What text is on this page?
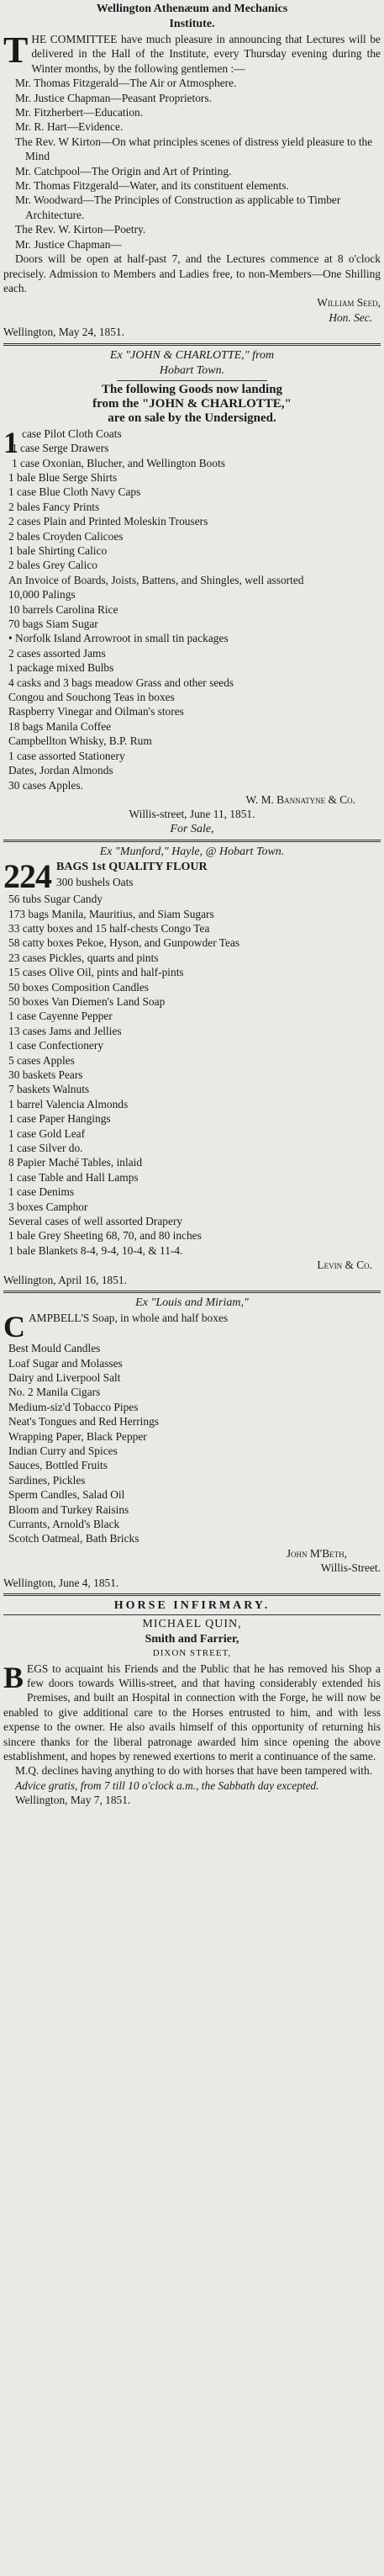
Wellington Athenæum and Mechanics
Institute.

THE COMMITTEE have much pleasure in announcing that Lectures will be delivered in the Hall of the Institute, every Thursday evening during the Winter months, by the following gentlemen :—

Mr. Thomas Fitzgerald—The Air or Atmosphere.

Mr. Justice Chapman—Peasant Proprietors.

Mr. Fitzherbert—Education.

Mr. R. Hart—Evidence.

The Rev. W Kirton—On what principles scenes of distress yield pleasure to the Mind

Mr. Catchpool—The Origin and Art of Printing.

Mr. Thomas Fitzgerald—Water, and its constituent elements.

Mr. Woodward—The Principles of Construction as applicable to Timber Architecture.

The Rev. W. Kirton—Poetry.

Mr. Justice Chapman—

Doors will be open at half-past 7, and the Lectures commence at 8 o'clock precisely. Admission to Members and Ladies free, to non-Members—One Shilling each.

William Seed,
Hon. Sec.
Wellington, May 24, 1851.
Ex "JOHN & CHARLOTTE," from
Hobart Town.
The following Goods now landing
from the "JOHN & CHARLOTTE,"
are on sale by the Undersigned.

1 case Pilot Cloth Coats

1 case Serge Drawers

1 case Oxonian, Blucher, and Wellington Boots

1 bale Blue Serge Shirts

1 case Blue Cloth Navy Caps

2 bales Fancy Prints

2 cases Plain and Printed Moleskin Trousers

2 bales Croyden Calicoes

1 bale Shirting Calico

2 bales Grey Calico

An Invoice of Boards, Joists, Battens, and Shingles, well assorted

10,000 Palings

10 barrels Carolina Rice

70 bags Siam Sugar

• Norfolk Island Arrowroot in small tin packages

2 cases assorted Jams

1 package mixed Bulbs

4 casks and 3 bags meadow Grass and other seeds

Congou and Souchong Teas in boxes

Raspberry Vinegar and Oilman's stores

18 bags Manila Coffee

Campbellton Whisky, B.P. Rum

1 case assorted Stationery

Dates, Jordan Almonds

30 cases Apples.

W. M. Bannatyne & Co.
Willis-street, June 11, 1851.
For Sale,
Ex "Munford," Hayle, @ Hobart Town.
224 BAGS 1st QUALITY FLOUR
300 bushels Oats

56 tubs Sugar Candy

173 bags Manila, Mauritius, and Siam Sugars

33 catty boxes and 15 half-chests Congo Tea

58 catty boxes Pekoe, Hyson, and Gunpowder Teas

23 cases Pickles, quarts and pints

15 cases Olive Oil, pints and half-pints

50 boxes Composition Candles

50 boxes Van Diemen's Land Soap

1 case Cayenne Pepper

13 cases Jams and Jellies

1 case Confectionery

5 cases Apples

30 baskets Pears

7 baskets Walnuts

1 barrel Valencia Almonds

1 case Paper Hangings

1 case Gold Leaf

1 case Silver do.

8 Papier Maché Tables, inlaid

1 case Table and Hall Lamps

1 case Denims

3 boxes Camphor

Several cases of well assorted Drapery

1 bale Grey Sheeting 68, 70, and 80 inches

1 bale Blankets 8-4, 9-4, 10-4, & 11-4.

Levin & Co.
Wellington, April 16, 1851.
Ex "Louis and Miriam,"

CAMPBELL'S Soap, in whole and half boxes

Best Mould Candles

Loaf Sugar and Molasses

Dairy and Liverpool Salt

No. 2 Manila Cigars

Medium-siz'd Tobacco Pipes

Neat's Tongues and Red Herrings

Wrapping Paper, Black Pepper

Indian Curry and Spices

Sauces, Bottled Fruits

Sardines, Pickles

Sperm Candles, Salad Oil

Bloom and Turkey Raisins

Currants, Arnold's Black

Scotch Oatmeal, Bath Bricks

John M'Beth,
Willis-Street.
Wellington, June 4, 1851.
HORSE INFIRMARY.
MICHAEL QUIN,
Smith and Farrier,
DIXON STREET,

BEGS to acquaint his Friends and the Public that he has removed his Shop a few doors towards Willis-street, and that having considerably extended his Premises, and built an Hospital in connection with the Forge, he will now be enabled to give additional care to the Horses entrusted to him, and with less expense to the owner. He also avails himself of this opportunity of returning his sincere thanks for the liberal patronage awarded him since opening the above establishment, and hopes by renewed exertions to merit a continuance of the same.

M.Q. declines having anything to do with horses that have been tampered with.

Advice gratis, from 7 till 10 o'clock a.m., the Sabbath day excepted.

Wellington, May 7, 1851.
